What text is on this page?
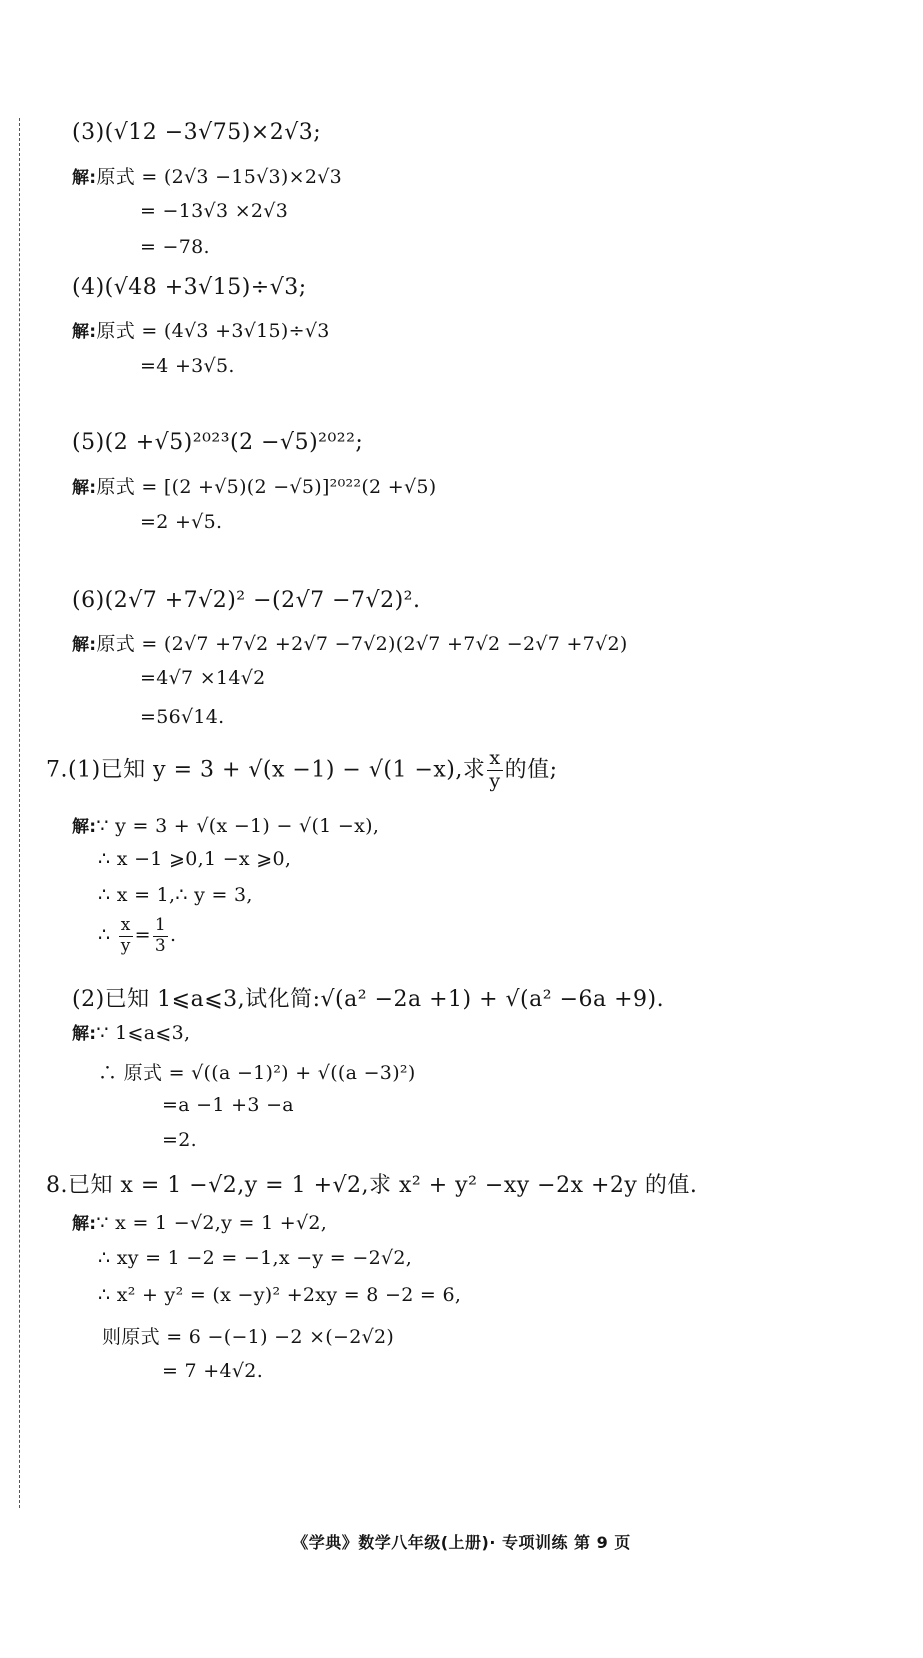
(3)(√12 −3√75)×2√3;
解:原式 = (2√3 −15√3)×2√3
= −13√3 ×2√3
= −78.
(4)(√48 +3√15)÷√3;
解:原式 = (4√3 +3√15)÷√3
=4 +3√5.
(5)(2 +√5)²⁰²³(2 −√5)²⁰²²;
解:原式 = [(2 +√5)(2 −√5)]²⁰²²(2 +√5)
=2 +√5.
(6)(2√7 +7√2)² −(2√7 −7√2)².
解:原式 = (2√7 +7√2 +2√7 −7√2)(2√7 +7√2 −2√7 +7√2)
=4√7 ×14√2
=56√14.
7.(1)已知 y = 3 + √(x −1) − √(1 −x),求 $\frac{x}{y}$ 的值;
解:∵ y = 3 + √(x −1) − √(1 −x),
∴ x −1 ⩾0,1 −x ⩾0,
∴ x = 1,∴ y = 3,
∴ $\frac{x}{y} = \frac{1}{3}$ .
(2)已知 1⩽a⩽3,试化简:√(a² −2a +1) + √(a² −6a +9).
解:∵ 1⩽a⩽3,
∴ 原式 = √((a −1)²) + √((a −3)²)
=a −1 +3 −a
=2.
8.已知 x = 1 −√2,y = 1 +√2,求 x² + y² −xy −2x +2y 的值.
解:∵ x = 1 −√2,y = 1 +√2,
∴ xy = 1 −2 = −1,x −y = −2√2,
∴ x² + y² = (x −y)² +2xy = 8 −2 = 6,
则原式 = 6 −(−1) −2 ×(−2√2)
= 7 +4√2.
《学典》数学八年级(上册)· 专项训练 第 9 页
